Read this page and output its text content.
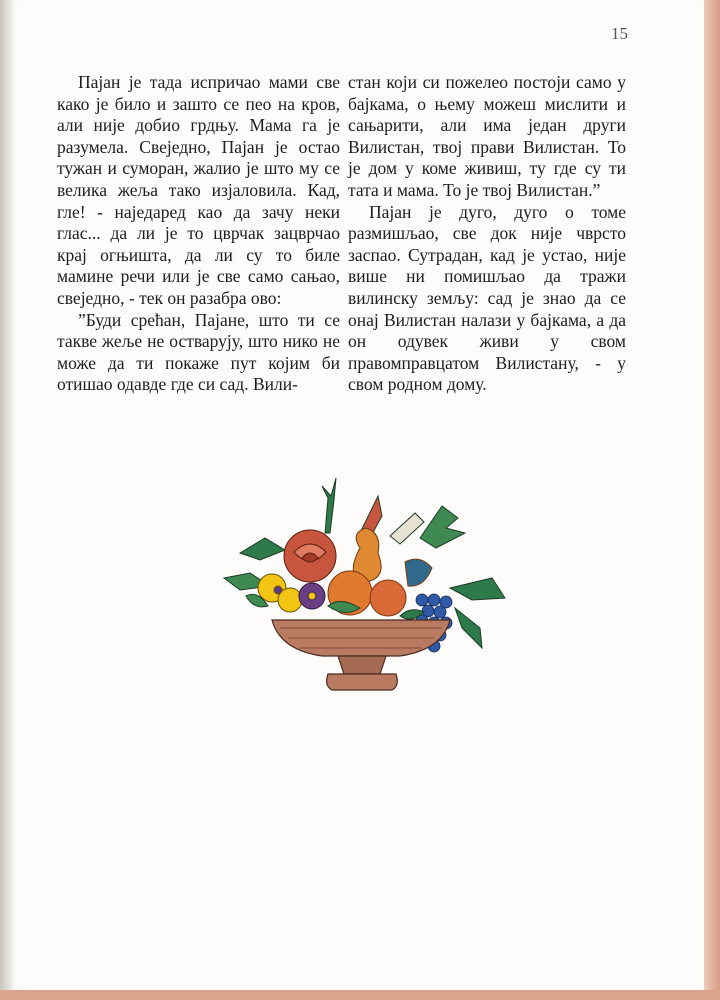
15

Пајан је тада испричао мами све како је било и зашто се пео на кров, али није добио грдњу. Мама га је разумела. Свеједно, Пајан је остао тужан и суморан, жалио је што му се велика жеља тако изјаловила. Кад, гле! - наједаред као да зачу неки глас... да ли је то цврчак зацврчао крај огњишта, да ли су то биле мамине речи или је све само сањао, свеједно, - тек он разабра ово:

”Буди срећан, Пајане, што ти се такве жеље не остварују, што нико не може да ти покаже пут којим би отишао одавде где си сад. Вили-

стан који си пожелео постоји само у бајкама, о њему можеш мислити и сањарити, али има један други Вилистан, твој прави Вилистан. То је дом у коме живиш, ту где су ти тата и мама. То је твој Вилистан.”

Пајан је дуго, дуго о томе размишљао, све док није чврсто заспао. Сутрадан, кад је устао, није више ни помишљао да тражи вилинску земљу: сад је знао да се онај Вилистан налази у бајкама, а да он одувек живи у свом правомправцатом Вилистану, - у свом родном дому.
